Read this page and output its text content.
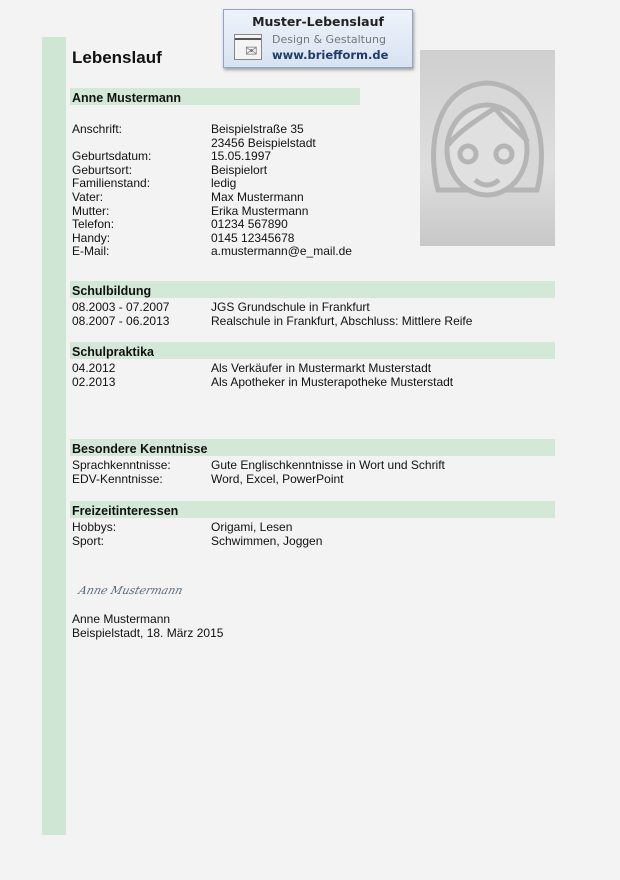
Muster-Lebenslauf
✉
Design & Gestaltung
www.briefform.de
Lebenslauf
Anne Mustermann
Anne Mustermann
Anne Mustermann
Beispielstadt, 18. März 2015
Anschrift:	Beispielstraße 35
23456 Beispielstadt
Geburtsdatum:	15.05.1997
Geburtsort:	Beispielort
Familienstand:	ledig
Vater:	Max Mustermann
Mutter:	Erika Mustermann
Telefon:	01234 567890
Handy:	0145 12345678
E-Mail:	a.mustermann@e_mail.de
Schulbildung
08.2003 - 07.2007	JGS Grundschule in Frankfurt
08.2007 - 06.2013	Realschule in Frankfurt, Abschluss: Mittlere Reife
Schulpraktika
04.2012	Als Verkäufer in Mustermarkt Musterstadt
02.2013	Als Apotheker in Musterapotheke Musterstadt
Besondere Kenntnisse
Sprachkenntnisse:	Gute Englischkenntnisse in Wort und Schrift
EDV-Kenntnisse:	Word, Excel, PowerPoint
Freizeitinteressen
Hobbys:	Origami, Lesen
Sport:	Schwimmen, Joggen
